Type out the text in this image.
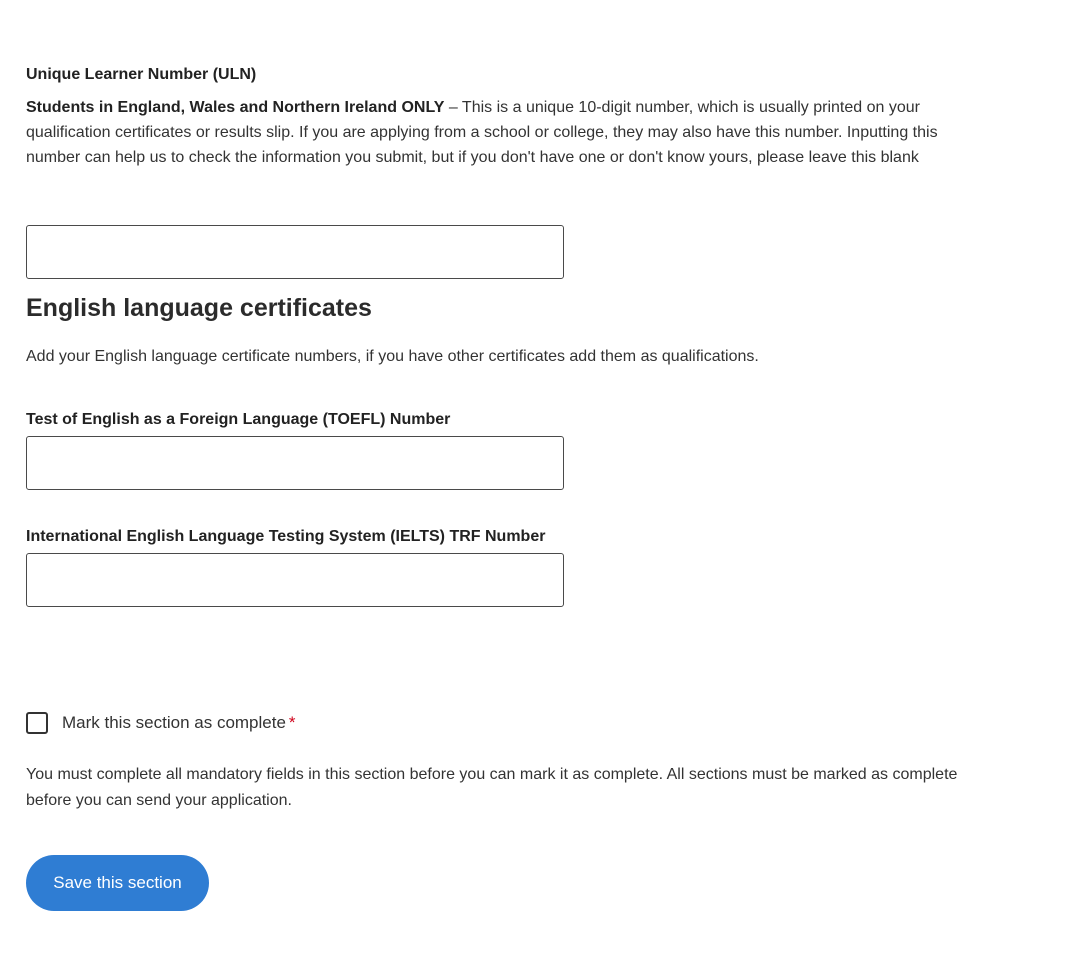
Unique Learner Number (ULN)

Students in England, Wales and Northern Ireland ONLY – This is a unique 10-digit number, which is usually printed on your qualification certificates or results slip. If you are applying from a school or college, they may also have this number. Inputting this number can help us to check the information you submit, but if you don't have one or don't know yours, please leave this blank

English language certificates

Add your English language certificate numbers, if you have other certificates add them as qualifications.

Test of English as a Foreign Language (TOEFL) Number

International English Language Testing System (IELTS) TRF Number

Mark this section as complete *

You must complete all mandatory fields in this section before you can mark it as complete. All sections must be marked as complete before you can send your application.

Save this section
